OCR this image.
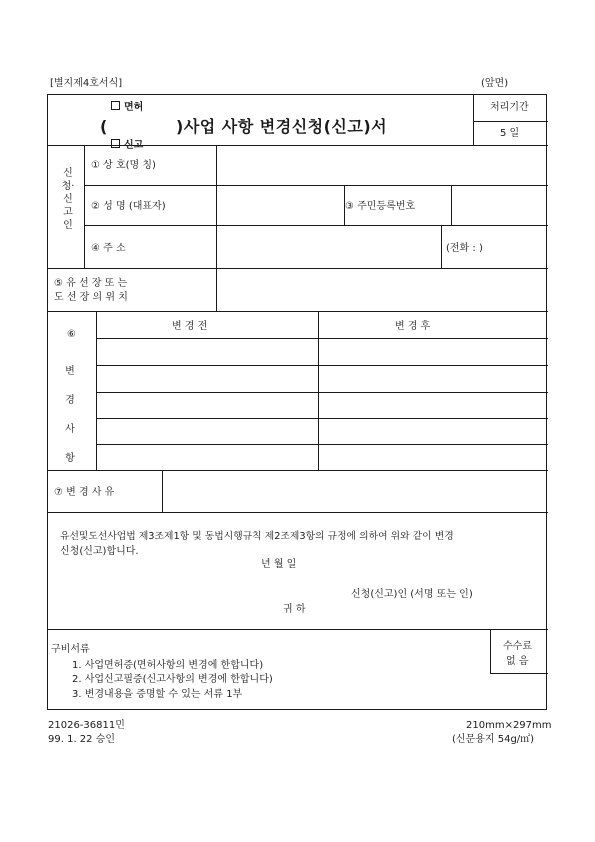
[별지제4호서식]	(앞면)
면허
(	)사업 사항 변경신청(신고)서
신고
처리기간
5 일
신청·신고인
① 상 호(명 칭)
② 성 명 (대표자)	③ 주민등록번호
④ 주 소	(전화 : )
⑤ 유 선 장 또 는
도 선 장 의 위 치
⑥
변경사항
변 경 전	변 경 후
⑦ 변 경 사 유
유선및도선사업법 제3조제1항 및 동법시행규칙 제2조제3항의 규정에 의하여 위와 같이 변경
신청(신고)합니다.
년 월 일
신청(신고)인 (서명 또는 인)
귀 하
구비서류
1. 사업면허증(면허사항의 변경에 한합니다)
2. 사업신고필증(신고사항의 변경에 한합니다)
3. 변경내용을 증명할 수 있는 서류 1부
수수료
없 음
21026-36811민
99. 1. 22 승인
210mm×297mm
(신문용지 54g/㎡)
